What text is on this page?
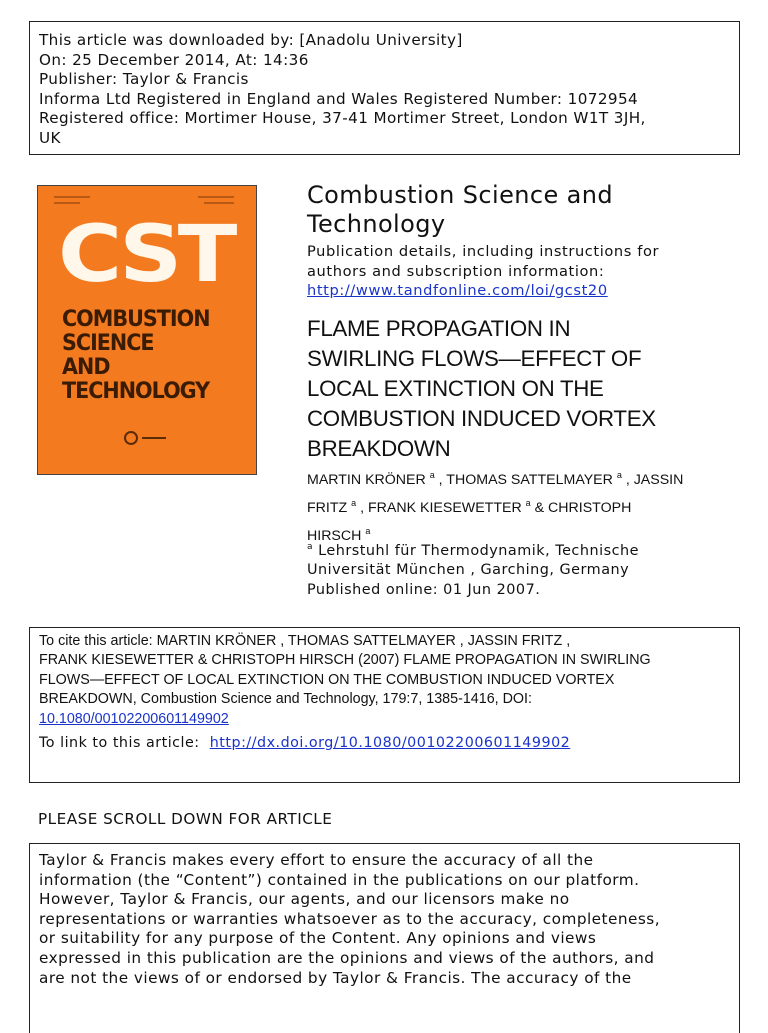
This article was downloaded by: [Anadolu University]
On: 25 December 2014, At: 14:36
Publisher: Taylor & Francis
Informa Ltd Registered in England and Wales Registered Number: 1072954
Registered office: Mortimer House, 37-41 Mortimer Street, London W1T 3JH,
UK
CST
COMBUSTION
SCIENCE
AND
TECHNOLOGY
Combustion Science and
Technology
Publication details, including instructions for
authors and subscription information:
http://www.tandfonline.com/loi/gcst20
FLAME PROPAGATION IN
SWIRLING FLOWS—EFFECT OF
LOCAL EXTINCTION ON THE
COMBUSTION INDUCED VORTEX
BREAKDOWN
MARTIN KRÖNER $^a$ , THOMAS SATTELMAYER $^a$ , JASSIN
FRITZ $^a$ , FRANK KIESEWETTER $^a$ & CHRISTOPH
HIRSCH $^a$
$^a$ Lehrstuhl für Thermodynamik, Technische
Universität München , Garching, Germany
Published online: 01 Jun 2007.
To cite this article: MARTIN KRÖNER , THOMAS SATTELMAYER , JASSIN FRITZ ,
FRANK KIESEWETTER & CHRISTOPH HIRSCH (2007) FLAME PROPAGATION IN SWIRLING
FLOWS—EFFECT OF LOCAL EXTINCTION ON THE COMBUSTION INDUCED VORTEX
BREAKDOWN, Combustion Science and Technology, 179:7, 1385-1416, DOI:
10.1080/00102200601149902
To link to this article: http://dx.doi.org/10.1080/00102200601149902
PLEASE SCROLL DOWN FOR ARTICLE
Taylor & Francis makes every effort to ensure the accuracy of all the
information (the “Content”) contained in the publications on our platform.
However, Taylor & Francis, our agents, and our licensors make no
representations or warranties whatsoever as to the accuracy, completeness,
or suitability for any purpose of the Content. Any opinions and views
expressed in this publication are the opinions and views of the authors, and
are not the views of or endorsed by Taylor & Francis. The accuracy of the
